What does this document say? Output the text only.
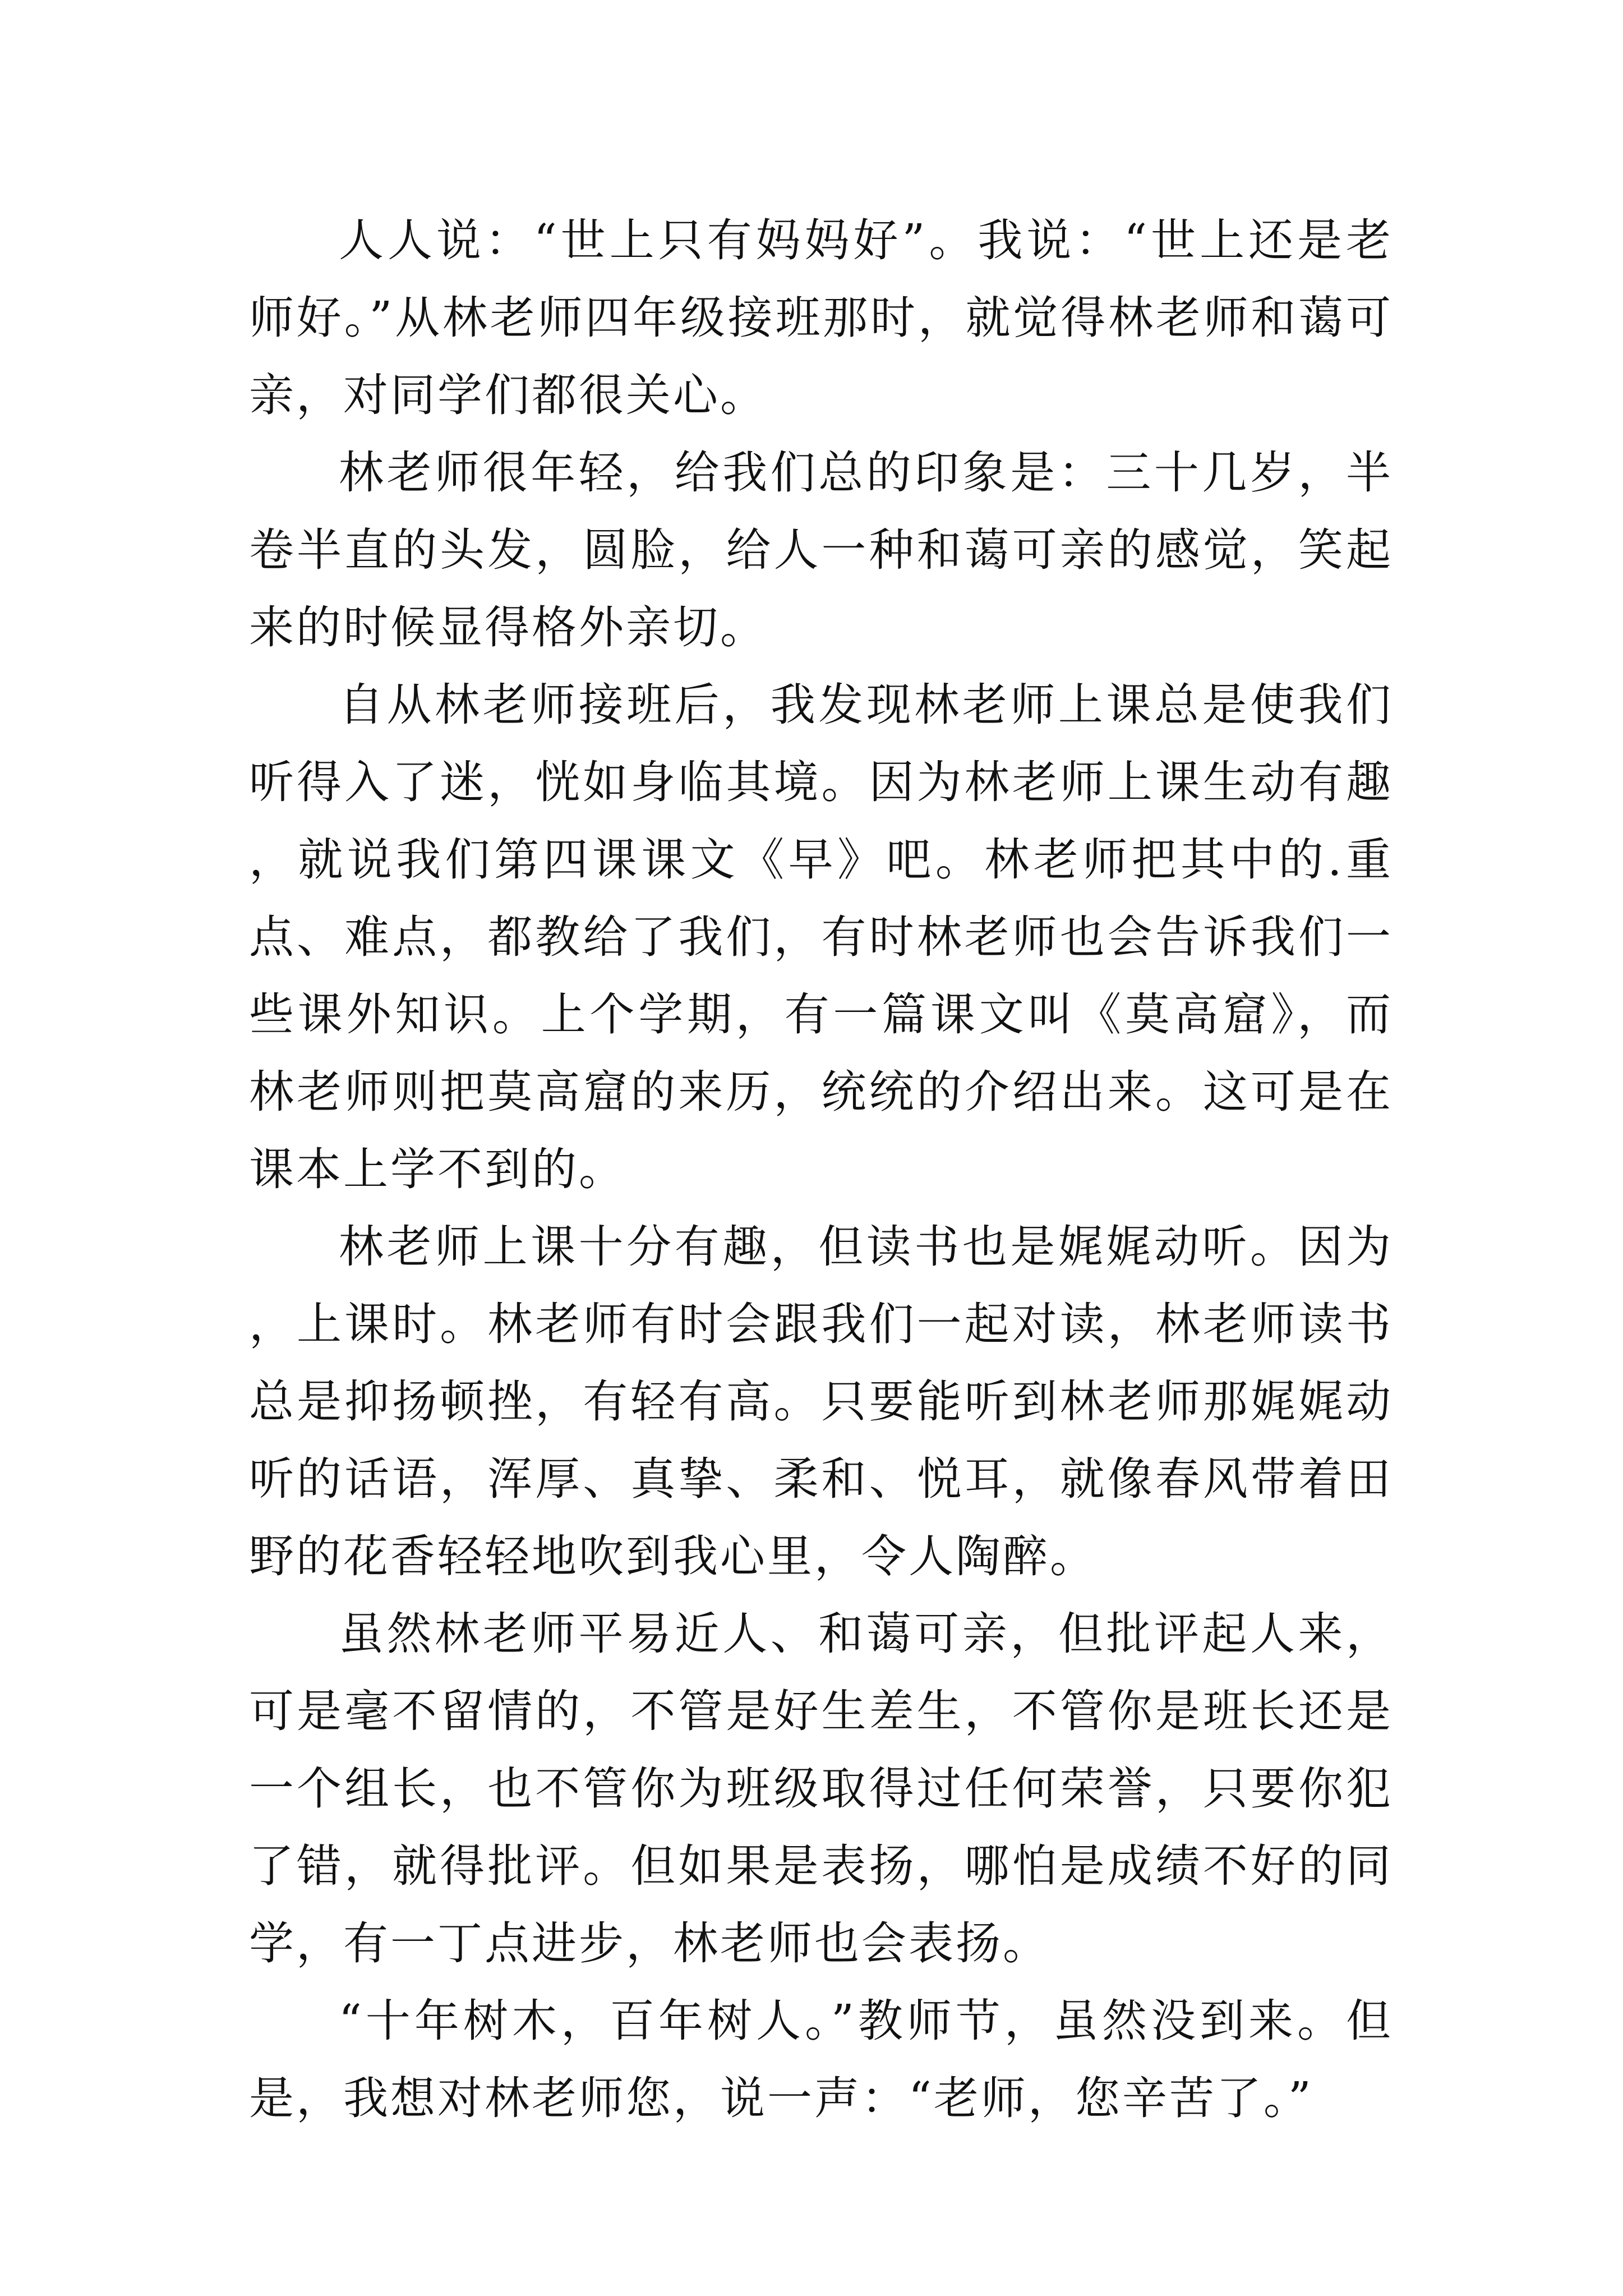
人人说：“世上只有妈妈好”。我说：“世上还是老师好。”从林老师四年级接班那时，就觉得林老师和蔼可亲，对同学们都很关心。

林老师很年轻，给我们总的印象是：三十几岁，半卷半直的头发，圆脸，给人一种和蔼可亲的感觉，笑起来的时候显得格外亲切。

自从林老师接班后，我发现林老师上课总是使我们听得入了迷，恍如身临其境。因为林老师上课生动有趣，就说我们第四课课文《早》吧。林老师把其中的.重点、难点，都教给了我们，有时林老师也会告诉我们一些课外知识。上个学期，有一篇课文叫《莫高窟》，而林老师则把莫高窟的来历，统统的介绍出来。这可是在课本上学不到的。

林老师上课十分有趣，但读书也是娓娓动听。因为，上课时。林老师有时会跟我们一起对读，林老师读书总是抑扬顿挫，有轻有高。只要能听到林老师那娓娓动听的话语，浑厚、真挚、柔和、悦耳，就像春风带着田野的花香轻轻地吹到我心里，令人陶醉。

虽然林老师平易近人、和蔼可亲，但批评起人来，可是毫不留情的，不管是好生差生，不管你是班长还是一个组长，也不管你为班级取得过任何荣誉，只要你犯了错，就得批评。但如果是表扬，哪怕是成绩不好的同学，有一丁点进步，林老师也会表扬。

“十年树木，百年树人。”教师节，虽然没到来。但是，我想对林老师您，说一声：“老师，您辛苦了。”
